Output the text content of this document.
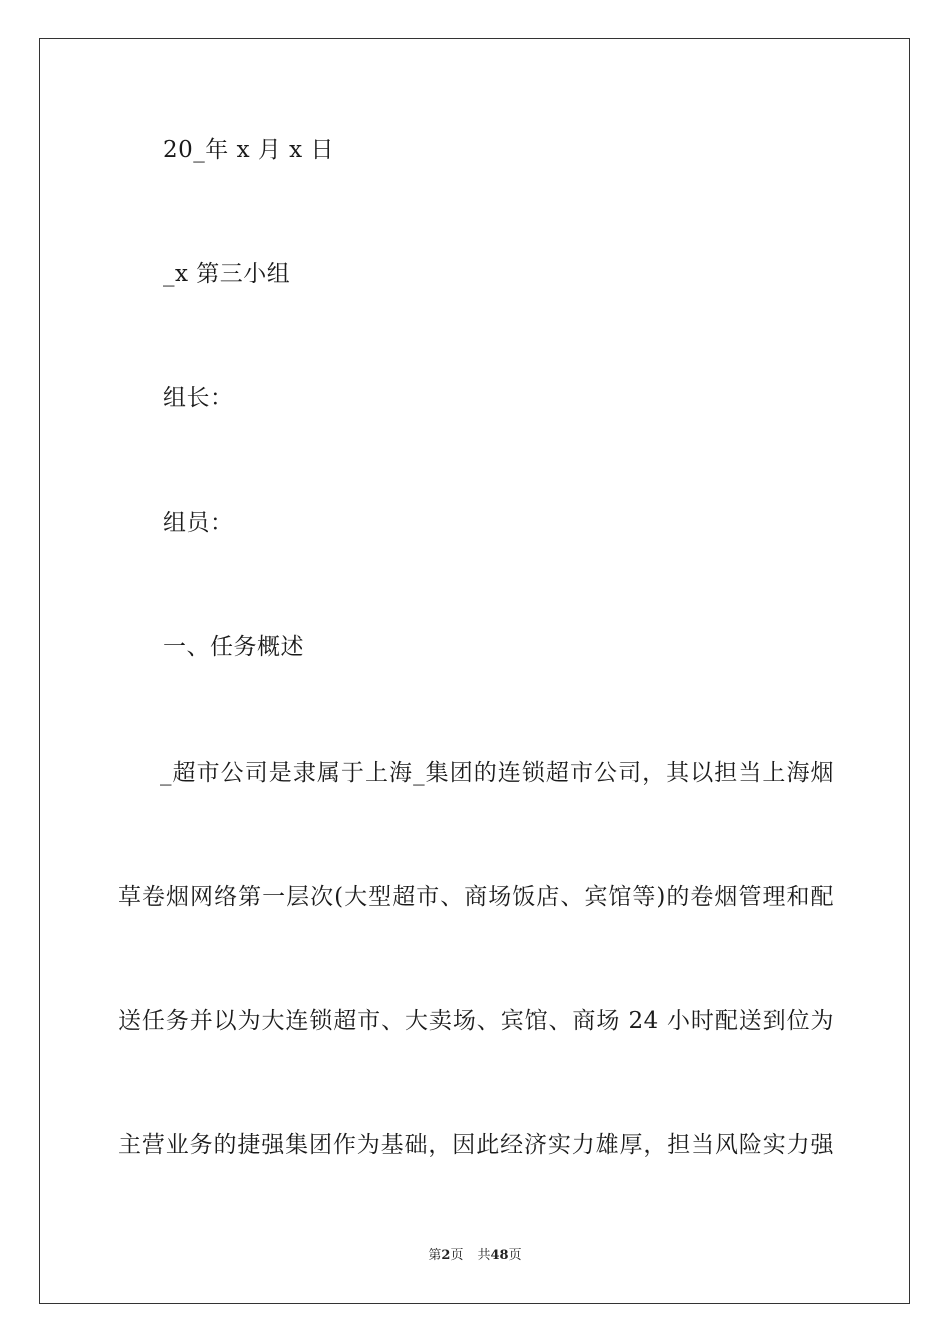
20_年 x 月 x 日
_x 第三小组
组长：
组员：
一、任务概述
_超市公司是隶属于上海_集团的连锁超市公司，其以担当上海烟
草卷烟网络第一层次(大型超市、商场饭店、宾馆等)的卷烟管理和配
送任务并以为大连锁超市、大卖场、宾馆、商场 24 小时配送到位为
主营业务的捷强集团作为基础，因此经济实力雄厚，担当风险实力强
第2页 共48页
